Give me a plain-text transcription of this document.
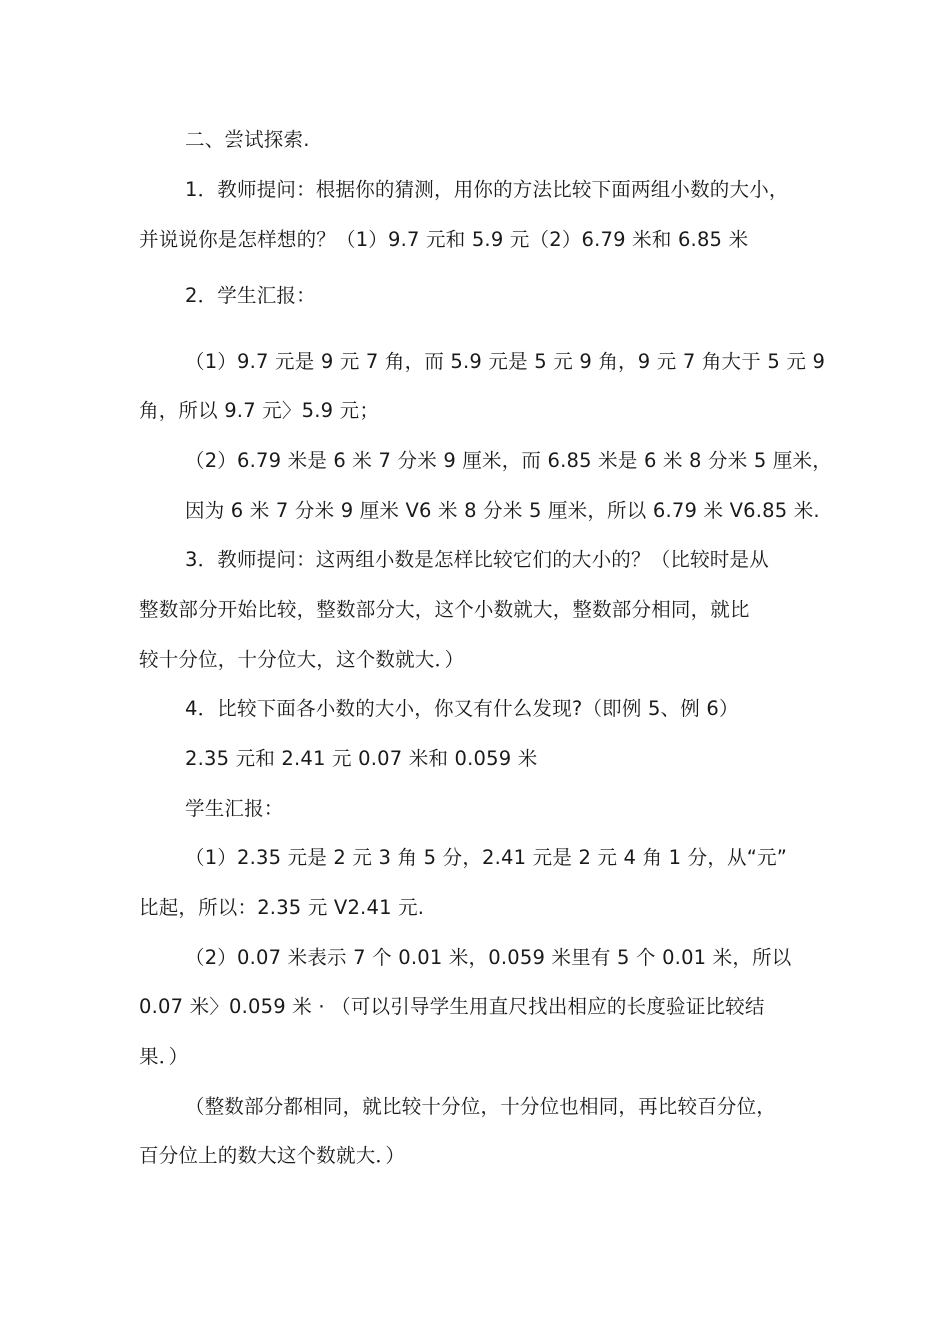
二、尝试探索.
1．教师提问：根据你的猜测，用你的方法比较下面两组小数的大小，
并说说你是怎样想的？（1）9.7 元和 5.9 元（2）6.79 米和 6.85 米
2．学生汇报：
（1）9.7 元是 9 元 7 角，而 5.9 元是 5 元 9 角，9 元 7 角大于 5 元 9
角，所以 9.7 元〉5.9 元；
（2）6.79 米是 6 米 7 分米 9 厘米，而 6.85 米是 6 米 8 分米 5 厘米，
因为 6 米 7 分米 9 厘米 V6 米 8 分米 5 厘米，所以 6.79 米 V6.85 米.
3．教师提问：这两组小数是怎样比较它们的大小的？（比较时是从
整数部分开始比较，整数部分大，这个小数就大，整数部分相同，就比
较十分位，十分位大，这个数就大．）
4．比较下面各小数的大小，你又有什么发现?（即例 5、例 6）
2.35 元和 2.41 元 0.07 米和 0.059 米
学生汇报：
（1）2.35 元是 2 元 3 角 5 分，2.41 元是 2 元 4 角 1 分，从“元”
比起，所以：2.35 元 V2.41 元.
（2）0.07 米表示 7 个 0.01 米，0.059 米里有 5 个 0.01 米，所以
0.07 米〉0.059 米 · （可以引导学生用直尺找出相应的长度验证比较结
果．）
（整数部分都相同，就比较十分位，十分位也相同，再比较百分位，
百分位上的数大这个数就大．）
